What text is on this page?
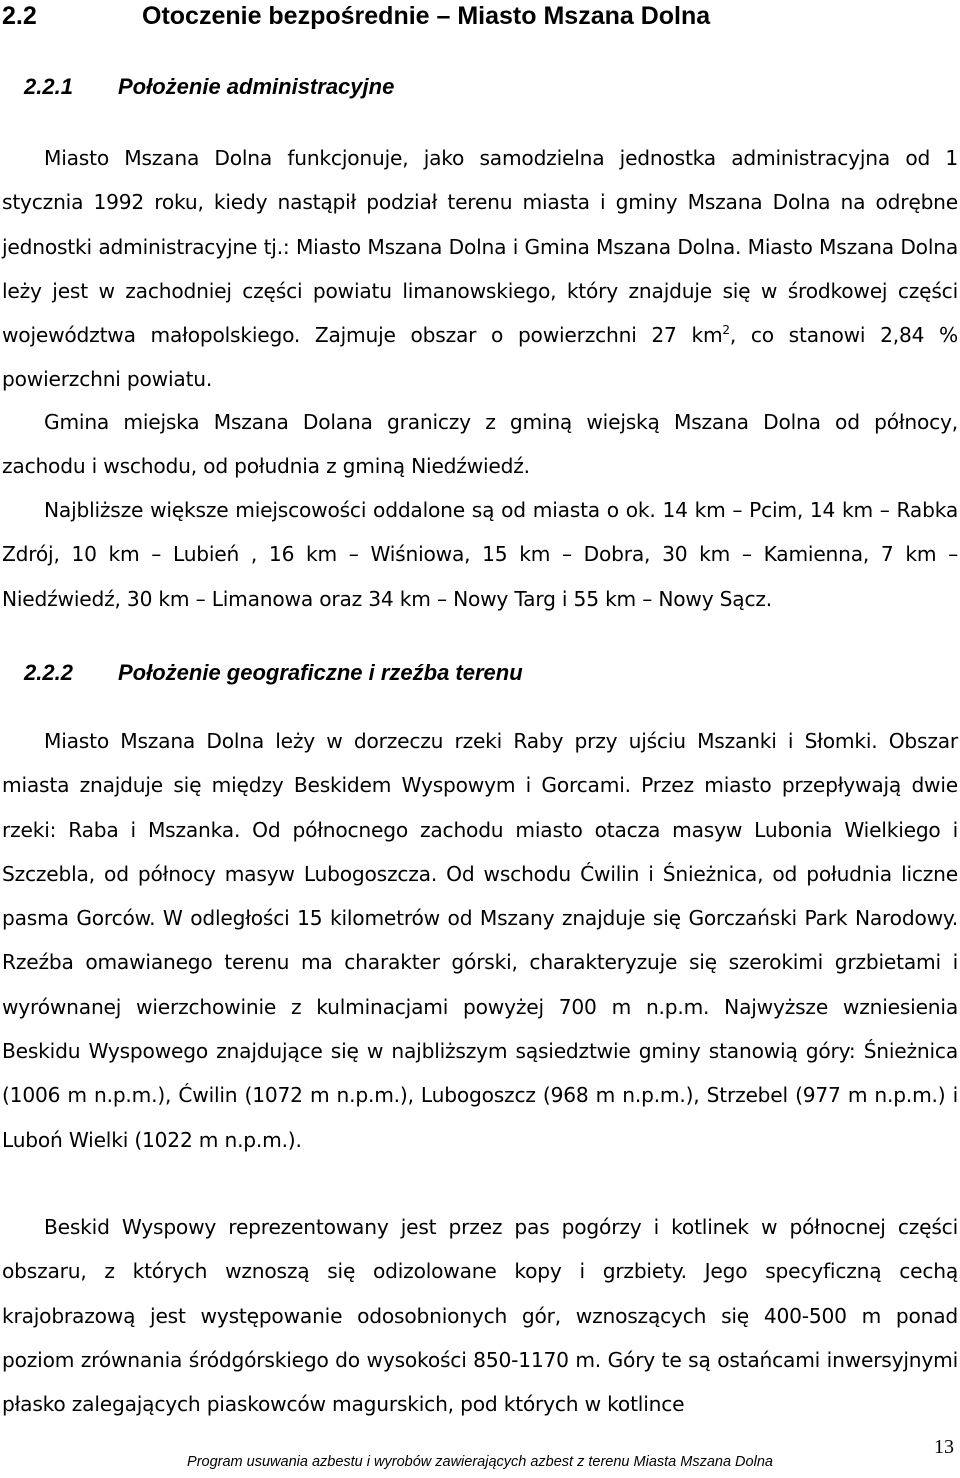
2.2	Otoczenie bezpośrednie – Miasto Mszana Dolna
2.2.1 Położenie administracyjne
Miasto Mszana Dolna funkcjonuje, jako samodzielna jednostka administracyjna od 1 stycznia 1992 roku, kiedy nastąpił podział terenu miasta i gminy Mszana Dolna na odrębne jednostki administracyjne tj.: Miasto Mszana Dolna i Gmina Mszana Dolna. Miasto Mszana Dolna leży jest w zachodniej części powiatu limanowskiego, który znajduje się w środkowej części województwa małopolskiego. Zajmuje obszar o powierzchni 27 $km^2$, co stanowi 2,84 % powierzchni powiatu.
Gmina miejska Mszana Dolana graniczy z gminą wiejską Mszana Dolna od północy, zachodu i wschodu, od południa z gminą Niedźwiedź.
Najbliższe większe miejscowości oddalone są od miasta o ok. 14 km – Pcim, 14 km – Rabka Zdrój, 10 km – Lubień , 16 km – Wiśniowa, 15 km – Dobra, 30 km – Kamienna, 7 km – Niedźwiedź, 30 km – Limanowa oraz 34 km – Nowy Targ i 55 km – Nowy Sącz.
2.2.2 Położenie geograficzne i rzeźba terenu
Miasto Mszana Dolna leży w dorzeczu rzeki Raby przy ujściu Mszanki i Słomki. Obszar miasta znajduje się między Beskidem Wyspowym i Gorcami. Przez miasto przepływają dwie rzeki: Raba i Mszanka. Od północnego zachodu miasto otacza masyw Lubonia Wielkiego i Szczebla, od północy masyw Lubogoszcza. Od wschodu Ćwilin i Śnieżnica, od południa liczne pasma Gorców. W odległości 15 kilometrów od Mszany znajduje się Gorczański Park Narodowy. Rzeźba omawianego terenu ma charakter górski, charakteryzuje się szerokimi grzbietami i wyrównanej wierzchowinie z kulminacjami powyżej 700 m n.p.m. Najwyższe wzniesienia Beskidu Wyspowego znajdujące się w najbliższym sąsiedztwie gminy stanowią góry: Śnieżnica (1006 m n.p.m.), Ćwilin (1072 m n.p.m.), Lubogoszcz (968 m n.p.m.), Strzebel (977 m n.p.m.) i Luboń Wielki (1022 m n.p.m.).
Beskid Wyspowy reprezentowany jest przez pas pogórzy i kotlinek w północnej części obszaru, z których wznoszą się odizolowane kopy i grzbiety. Jego specyficzną cechą krajobrazową jest występowanie odosobnionych gór, wznoszących się 400-500 m ponad poziom zrównania śródgórskiego do wysokości 850-1170 m. Góry te są ostańcami inwersyjnymi płasko zalegających piaskowców magurskich, pod których w kotlince
Program usuwania azbestu i wyrobów zawierających azbest z terenu Miasta Mszana Dolna
13
